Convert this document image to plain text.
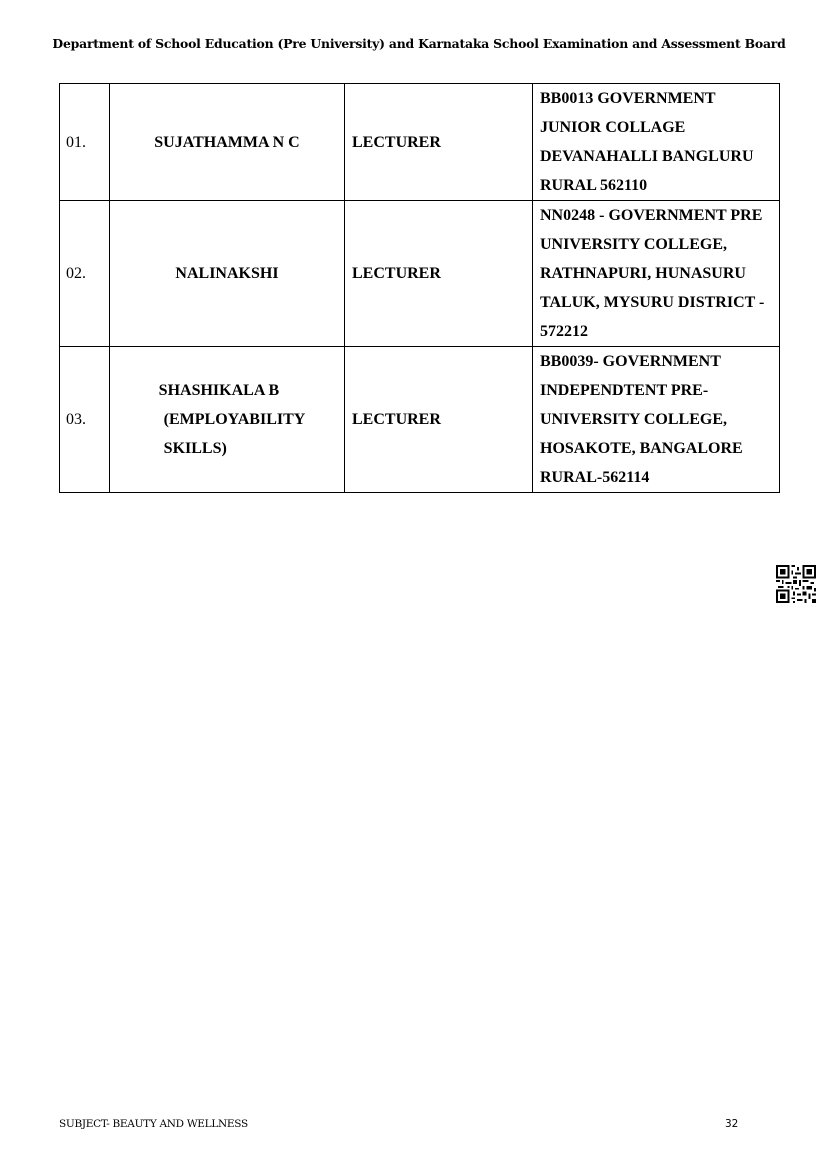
Department of School Education (Pre University) and Karnataka School Examination and Assessment Board
01.	SUJATHAMMA N C	LECTURER	BB0013 GOVERNMENT
JUNIOR COLLAGE
DEVANAHALLI BANGLURU
RURAL 562110

02.	NALINAKSHI	LECTURER	NN0248 - GOVERNMENT PRE
UNIVERSITY COLLEGE,
RATHNAPURI, HUNASURU
TALUK, MYSURU DISTRICT -
572212

03.	SHASHIKALA B
(EMPLOYABILITY
SKILLS)	LECTURER	BB0039- GOVERNMENT
INDEPENDTENT PRE-
UNIVERSITY COLLEGE,
HOSAKOTE, BANGALORE
RURAL-562114
SUBJECT- BEAUTY AND WELLNESS	32
